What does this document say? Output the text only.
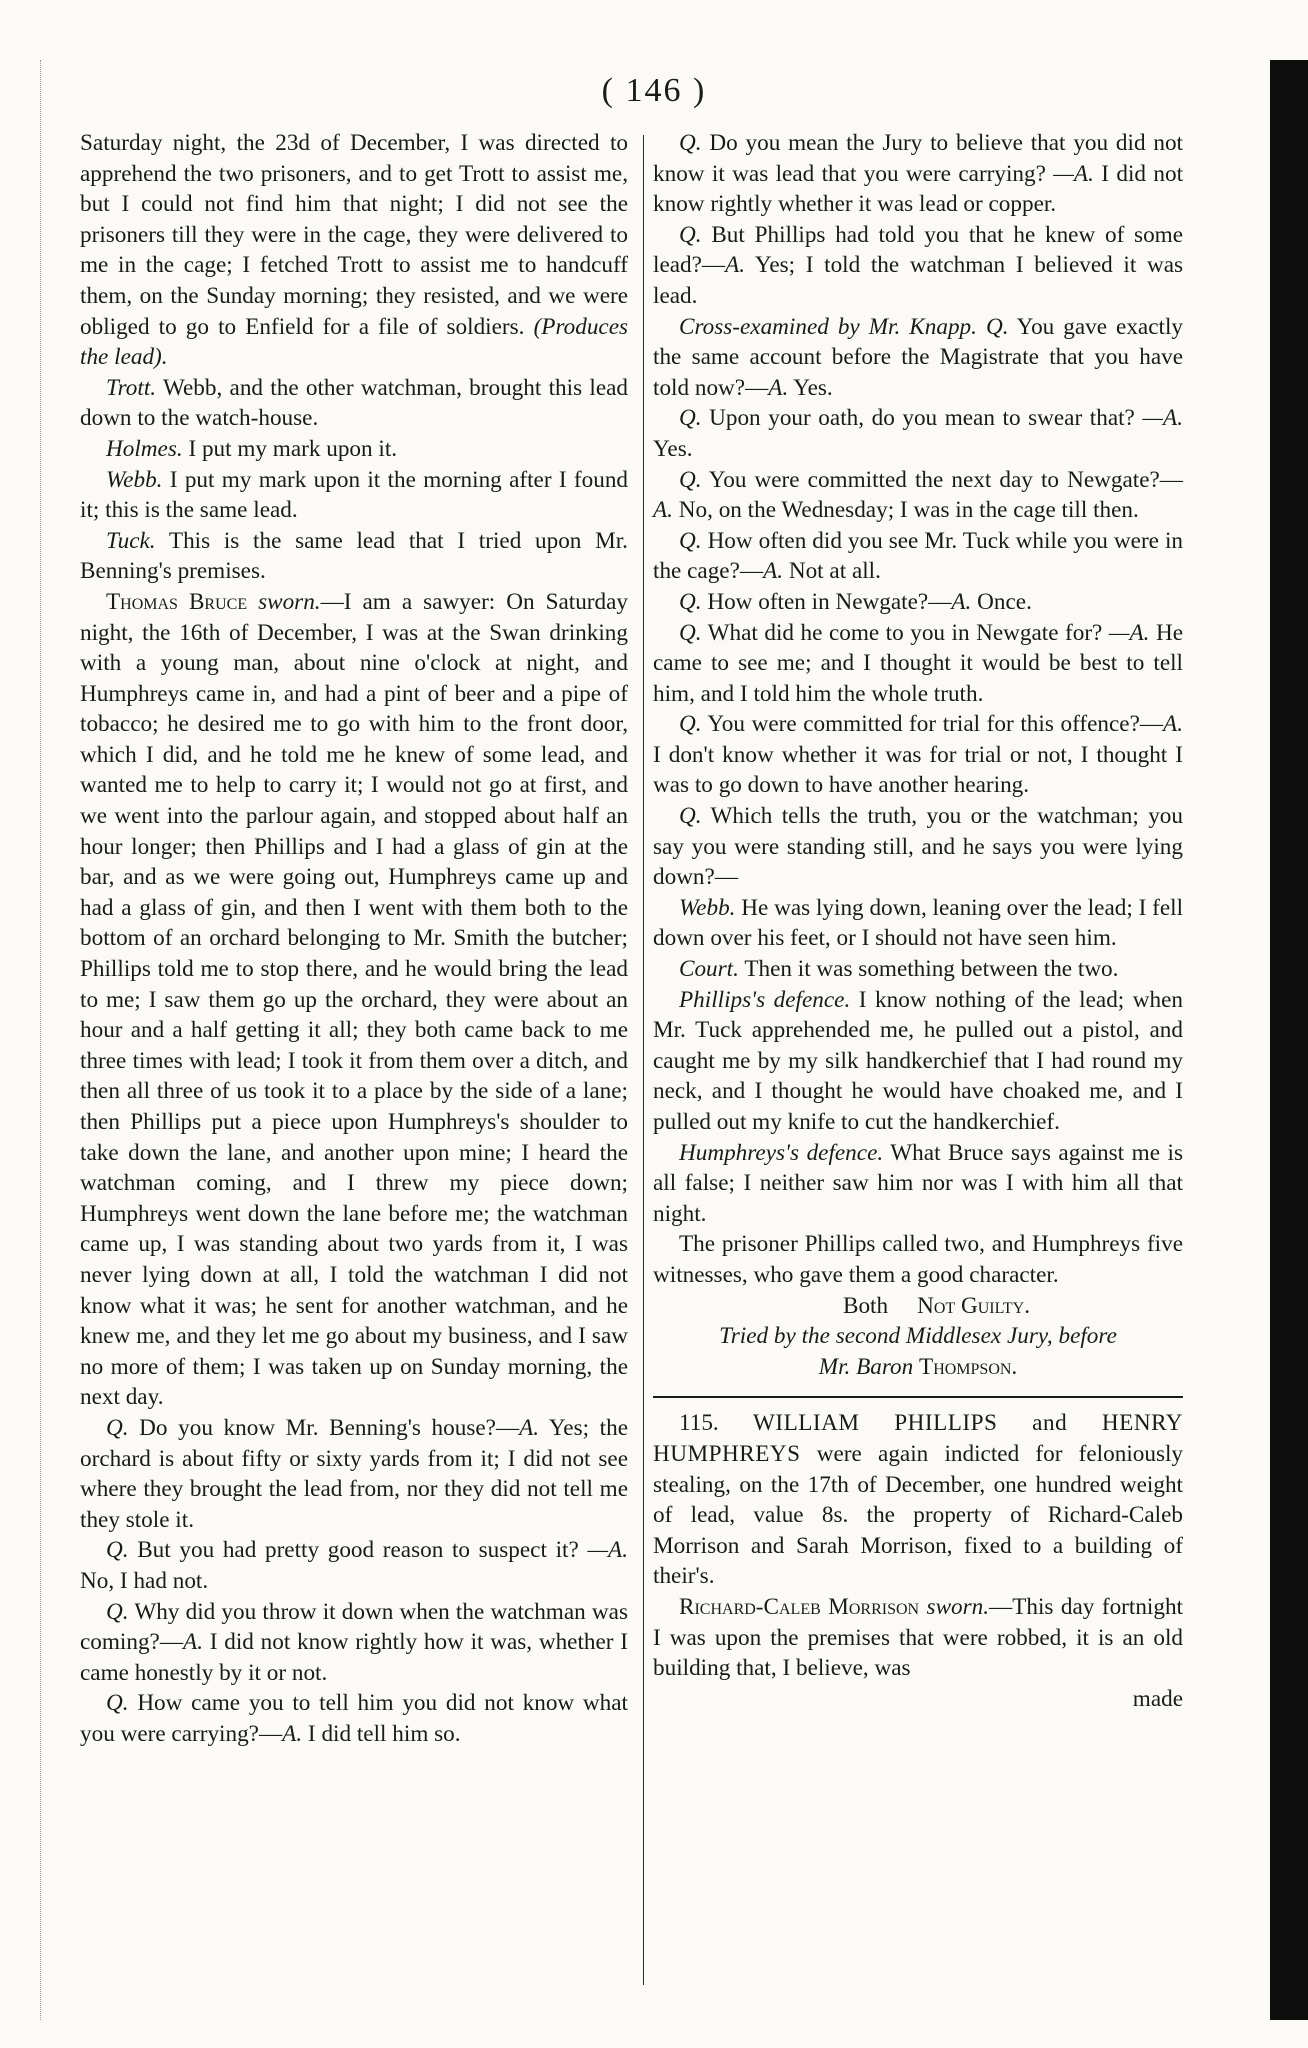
( 146 )

Saturday night, the 23d of December, I was directed to apprehend the two prisoners, and to get Trott to assist me, but I could not find him that night; I did not see the prisoners till they were in the cage, they were delivered to me in the cage; I fetched Trott to assist me to handcuff them, on the Sunday morning; they resisted, and we were obliged to go to Enfield for a file of soldiers. (Produces the lead).

Trott. Webb, and the other watchman, brought this lead down to the watch-house.

Holmes. I put my mark upon it.

Webb. I put my mark upon it the morning after I found it; this is the same lead.

Tuck. This is the same lead that I tried upon Mr. Benning's premises.

Thomas Bruce sworn.—I am a sawyer: On Saturday night, the 16th of December, I was at the Swan drinking with a young man, about nine o'clock at night, and Humphreys came in, and had a pint of beer and a pipe of tobacco; he desired me to go with him to the front door, which I did, and he told me he knew of some lead, and wanted me to help to carry it; I would not go at first, and we went into the parlour again, and stopped about half an hour longer; then Phillips and I had a glass of gin at the bar, and as we were going out, Humphreys came up and had a glass of gin, and then I went with them both to the bottom of an orchard belonging to Mr. Smith the butcher; Phillips told me to stop there, and he would bring the lead to me; I saw them go up the orchard, they were about an hour and a half getting it all; they both came back to me three times with lead; I took it from them over a ditch, and then all three of us took it to a place by the side of a lane; then Phillips put a piece upon Humphreys's shoulder to take down the lane, and another upon mine; I heard the watchman coming, and I threw my piece down; Humphreys went down the lane before me; the watchman came up, I was standing about two yards from it, I was never lying down at all, I told the watchman I did not know what it was; he sent for another watchman, and he knew me, and they let me go about my business, and I saw no more of them; I was taken up on Sunday morning, the next day.

Q. Do you know Mr. Benning's house?—A. Yes; the orchard is about fifty or sixty yards from it; I did not see where they brought the lead from, nor they did not tell me they stole it.

Q. But you had pretty good reason to suspect it? —A. No, I had not.

Q. Why did you throw it down when the watchman was coming?—A. I did not know rightly how it was, whether I came honestly by it or not.

Q. How came you to tell him you did not know what you were carrying?—A. I did tell him so.

Q. Do you mean the Jury to believe that you did not know it was lead that you were carrying? —A. I did not know rightly whether it was lead or copper.

Q. But Phillips had told you that he knew of some lead?—A. Yes; I told the watchman I believed it was lead.

Cross-examined by Mr. Knapp. Q. You gave exactly the same account before the Magistrate that you have told now?—A. Yes.

Q. Upon your oath, do you mean to swear that? —A. Yes.

Q. You were committed the next day to Newgate?—A. No, on the Wednesday; I was in the cage till then.

Q. How often did you see Mr. Tuck while you were in the cage?—A. Not at all.

Q. How often in Newgate?—A. Once.

Q. What did he come to you in Newgate for? —A. He came to see me; and I thought it would be best to tell him, and I told him the whole truth.

Q. You were committed for trial for this offence?—A. I don't know whether it was for trial or not, I thought I was to go down to have another hearing.

Q. Which tells the truth, you or the watchman; you say you were standing still, and he says you were lying down?—

Webb. He was lying down, leaning over the lead; I fell down over his feet, or I should not have seen him.

Court. Then it was something between the two.

Phillips's defence. I know nothing of the lead; when Mr. Tuck apprehended me, he pulled out a pistol, and caught me by my silk handkerchief that I had round my neck, and I thought he would have choaked me, and I pulled out my knife to cut the handkerchief.

Humphreys's defence. What Bruce says against me is all false; I neither saw him nor was I with him all that night.

The prisoner Phillips called two, and Humphreys five witnesses, who gave them a good character.

Both Not Guilty.

Tried by the second Middlesex Jury, before
Mr. Baron Thompson.

115. WILLIAM PHILLIPS and HENRY HUMPHREYS were again indicted for feloniously stealing, on the 17th of December, one hundred weight of lead, value 8s. the property of Richard-Caleb Morrison and Sarah Morrison, fixed to a building of their's.

Richard-Caleb Morrison sworn.—This day fortnight I was upon the premises that were robbed, it is an old building that, I believe, was

made
